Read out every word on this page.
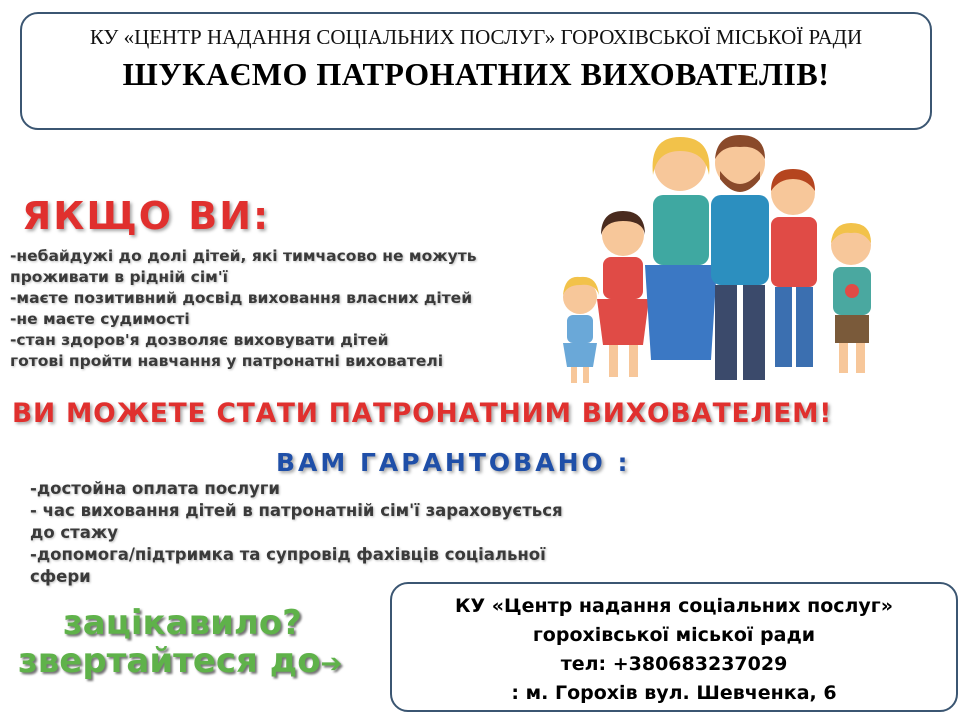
КУ «ЦЕНТР НАДАННЯ СОЦІАЛЬНИХ ПОСЛУГ» ГОРОХІВСЬКОЇ МІСЬКОЇ РАДИ
ШУКАЄМО ПАТРОНАТНИХ ВИХОВАТЕЛІВ!
ЯКЩО ВИ:
-небайдужі до долі дітей, які тимчасово не можуть
проживати в рідній сім'ї
-маєте позитивний досвід виховання власних дітей
-не маєте судимості
-стан здоров'я дозволяє виховувати дітей
готові пройти навчання у патронатні вихователі
ВИ МОЖЕТЕ СТАТИ ПАТРОНАТНИМ ВИХОВАТЕЛЕМ!
ВАМ ГАРАНТОВАНО :
-достойна оплата послуги
- час виховання дітей в патронатній сім'ї зараховується
до стажу
-допомога/підтримка та супровід фахівців соціальної
сфери
зацікавило?
звертайтеся до➔
КУ «Центр надання соціальних послуг»
горохівської міської ради
тел: +380683237029
: м. Горохів вул. Шевченка, 6
